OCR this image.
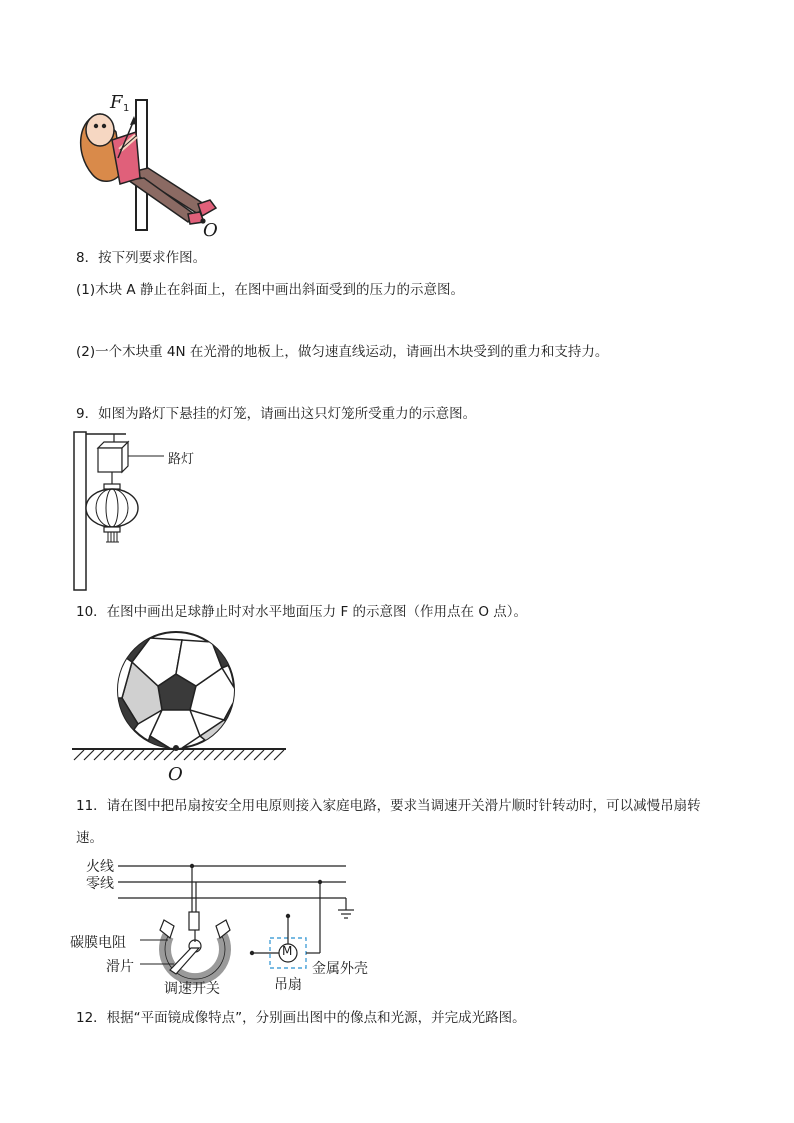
F 1
O
8．按下列要求作图。
(1)木块 A 静止在斜面上，在图中画出斜面受到的压力的示意图。
(2)一个木块重 4N 在光滑的地板上，做匀速直线运动，请画出木块受到的重力和支持力。
9．如图为路灯下悬挂的灯笼，请画出这只灯笼所受重力的示意图。
路灯
10．在图中画出足球静止时对水平地面压力 F 的示意图（作用点在 O 点）。
O
11．请在图中把吊扇按安全用电原则接入家庭电路，要求当调速开关滑片顺时针转动时，可以减慢吊扇转
速。
火线
零线
碳膜电阻
滑片
调速开关
M
金属外壳
吊扇
12．根据“平面镜成像特点”，分别画出图中的像点和光源，并完成光路图。
